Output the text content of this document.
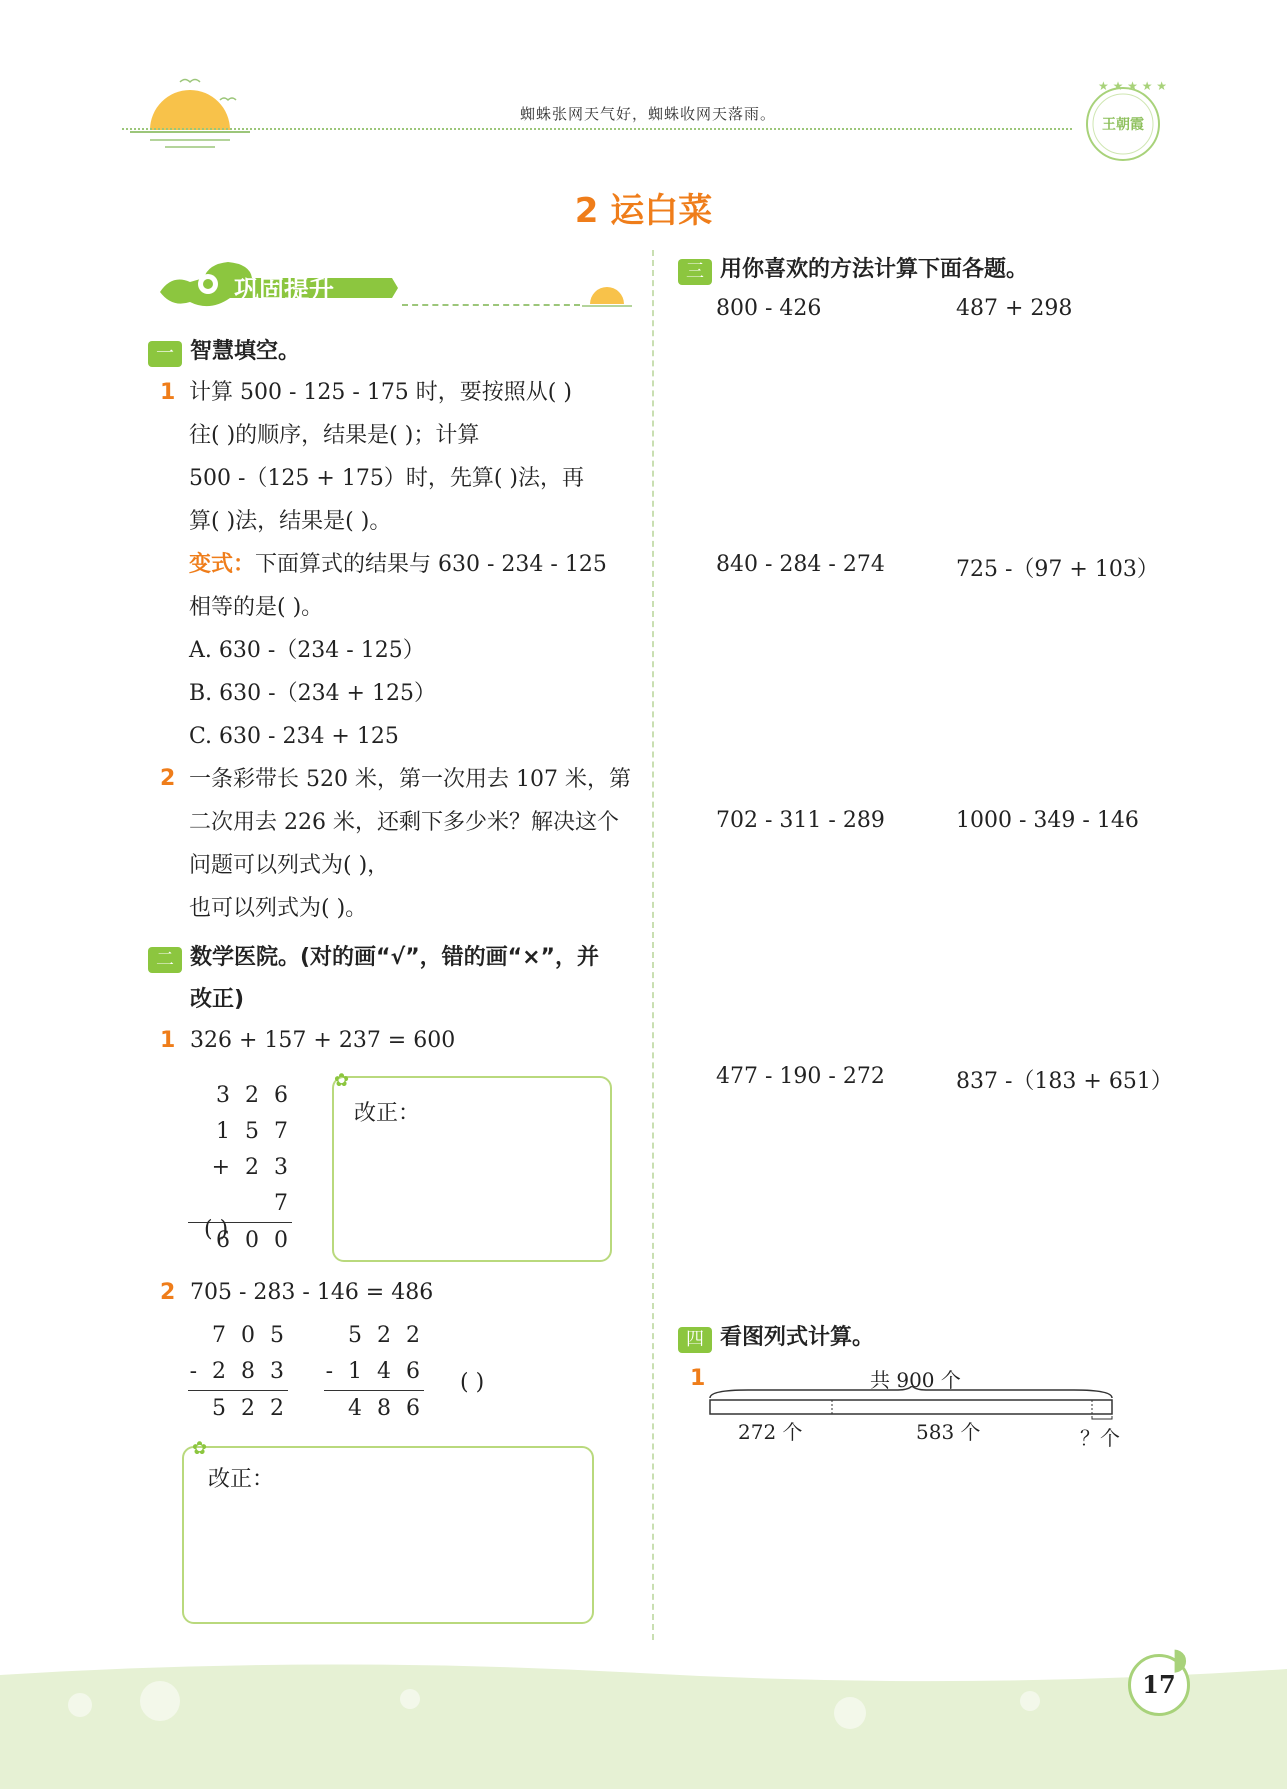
蜘蛛张网天气好，蜘蛛收网天落雨。
★ ★ ★ ★ ★
王朝霞
2 运白菜
巩固提升
一 智慧填空。
1 计算 500 - 125 - 175 时，要按照从( )
往( )的顺序，结果是( )；计算
500 -（125 + 175）时，先算( )法，再
算( )法，结果是( )。
变式：下面算式的结果与 630 - 234 - 125
相等的是( )。
A. 630 -（234 - 125）
B. 630 -（234 + 125）
C. 630 - 234 + 125
2 一条彩带长 520 米，第一次用去 107 米，第
二次用去 226 米，还剩下多少米？解决这个
问题可以列式为( )，
也可以列式为( )。
二 数学医院。(对的画“√”，错的画“×”，并
改正)
1 326 + 157 + 237 = 600
3 2 6
1 5 7
+ 2 3 7
6 0 0
( )
✿
改正：
2 705 - 283 - 146 = 486
7 0 5
- 2 8 3
5 2 2
5 2 2
- 1 4 6
4 8 6
( )
✿
改正：
三 用你喜欢的方法计算下面各题。
800 - 426	487 + 298
840 - 284 - 274	725 -（97 + 103）
702 - 311 - 289	1000 - 349 - 146
477 - 190 - 272	837 -（183 + 651）
四 看图列式计算。
1	共 900 个
272 个	583 个	？个
17
◗
